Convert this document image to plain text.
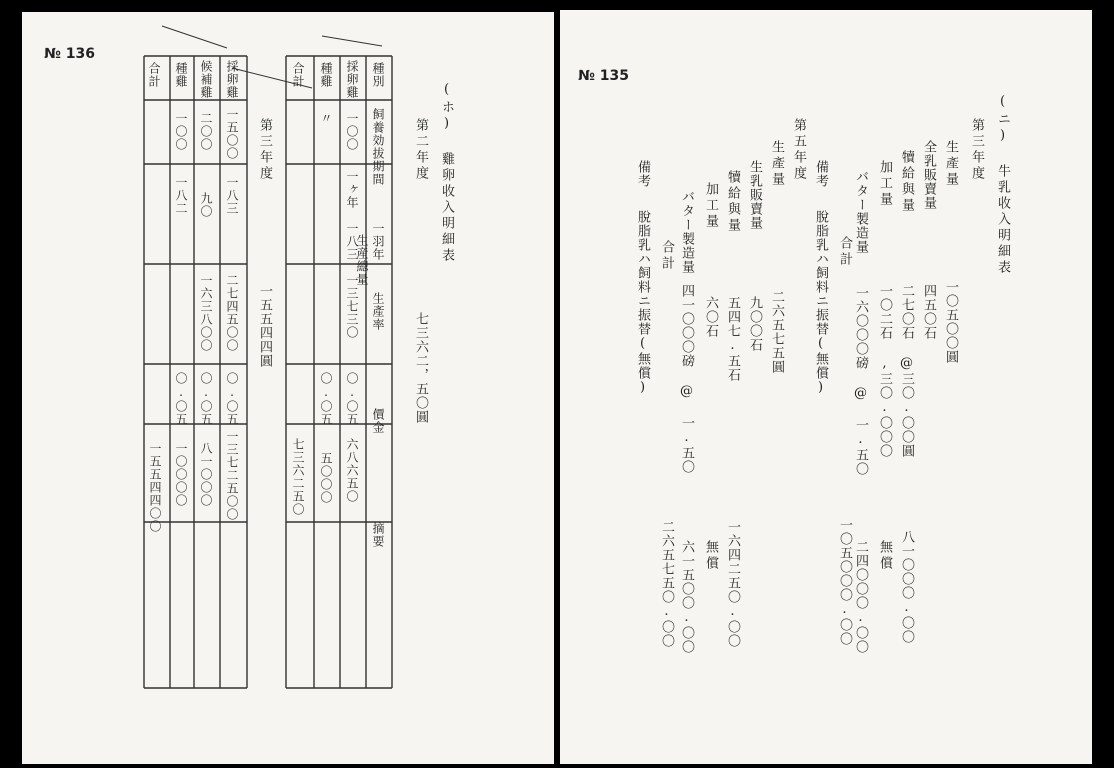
№ 136
合計 種雞 候補雞 採卵雞
一五〇〇
一八三
二七四五〇〇
〇.〇五
一三七二五〇〇
二〇〇
九〇
一六三八〇〇
〇.〇五
八一〇〇〇
一〇〇
一八二
〇.〇五
一〇〇〇〇
一五五四四〇〇
第三年度
一五五四四圓
合計 種雞 採卵雞 種別
飼養効拔期間
一羽年
生産總量
生產率
價金
摘要
一〇〇
一ヶ年
一八三
一三七三〇
〇.〇五
六八六五〇
〃
〇.〇五
五〇〇〇
七三六二五〇
第二年度
七三六二，五〇圓
(ホ) 雞卵收入明細表
№ 135
(ニ) 牛乳收入明細表
第三年度
生產量
一〇五〇〇圓
全乳販賣量
四五〇石
犢給與量
二七〇石 @三〇.〇〇圓
八一〇〇〇.〇〇
加工量
一〇二石 ,三〇.〇〇〇
無償
バター製造量
一六〇〇〇磅 @ 一.五〇
二四〇〇〇.〇〇
合計
一〇五〇〇〇.〇〇
備考
脫脂乳ハ飼料ニ振替(無償)
第五年度
生產量
二六五七五圓
生乳販賣量
九〇〇石
犢給與量
五四七.五石
一六四二五〇.〇〇
加工量
六〇石
無償
バター製造量
四一〇〇〇磅 @ 一.五〇
六一五〇〇.〇〇
合計
二六五七五〇.〇〇
備考
脫脂乳ハ飼料ニ振替(無償)
